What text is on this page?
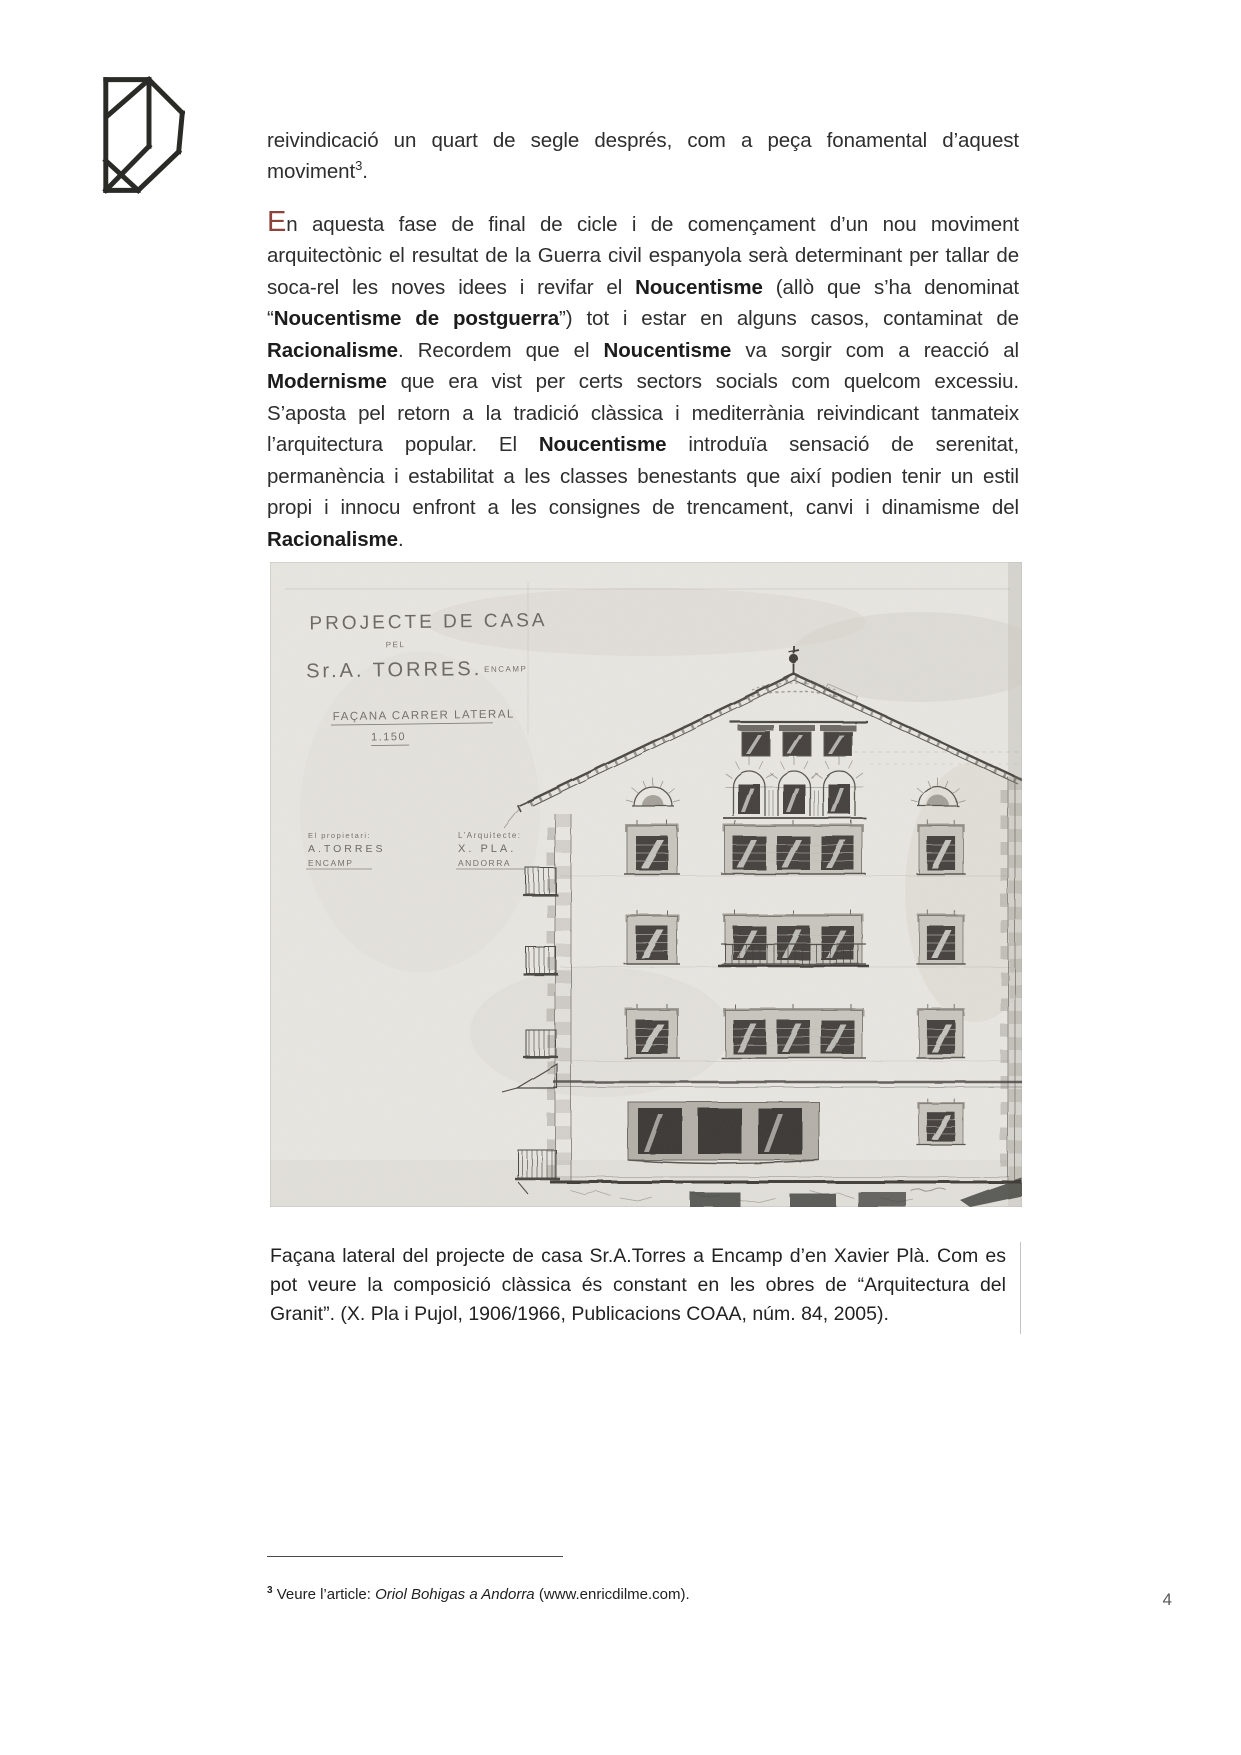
reivindicació un quart de segle després, com a peça fonamental d’aquest moviment$^3$.

En aquesta fase de final de cicle i de començament d’un nou moviment arquitectònic el resultat de la Guerra civil espanyola serà determinant per tallar de soca-rel les noves idees i revifar el Noucentisme (allò que s’ha denominat “Noucentisme de postguerra”) tot i estar en alguns casos, contaminat de Racionalisme. Recordem que el Noucentisme va sorgir com a reacció al Modernisme que era vist per certs sectors socials com quelcom excessiu. S’aposta pel retorn a la tradició clàssica i mediterrània reivindicant tanmateix l’arquitectura popular. El Noucentisme introduïa sensació de serenitat, permanència i estabilitat a les classes benestants que així podien tenir un estil propi i innocu enfront a les consignes de trencament, canvi i dinamisme del Racionalisme.

Façana lateral del projecte de casa Sr.A.Torres a Encamp d’en Xavier Plà. Com es pot veure la composició clàssica és constant en les obres de “Arquitectura del Granit”. (X. Pla i Pujol, 1906/1966, Publicacions COAA, núm. 84, 2005).

$^3$ Veure l’article: Oriol Bohigas a Andorra (www.enricdilme.com).	4
